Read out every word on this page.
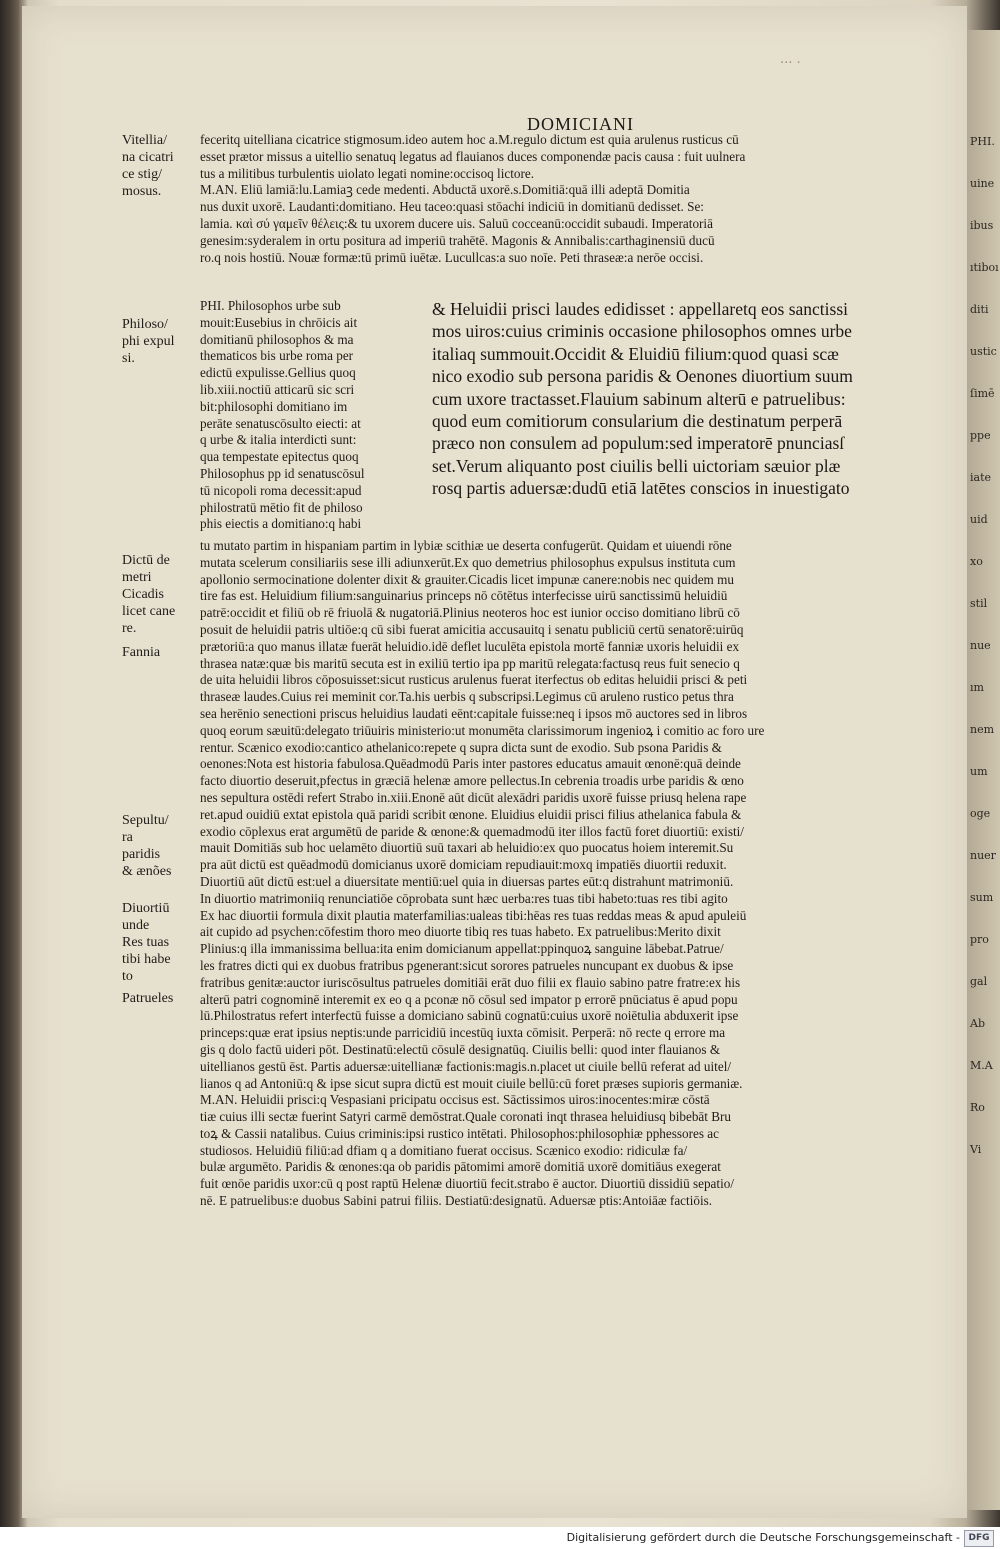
PHI.
uine
ibus
ıtiboı
diti
ustic
ſimē
ppe
iate
uid
xo
stil
nue
ım
nem
um
oge
nuer
sum
pro
gal
Ab
M.A
Ro
Vi
... .
DOMICIANI
feceritq uitelliana cicatrice stigmosum.ideo autem hoc a.M.regulo dictum est quia arulenus rusticus cū
esset prætor missus a uitellio senatuq legatus ad flauianos duces componendæ pacis causa : fuit uulnera
tus a militibus turbulentis uiolato legati nomine:occisoq lictore.
M.AN. Eliū lamiā:lu.Lamiaꝫ cede medenti. Abductā uxorē.s.Domitiā:quā illi adeptā Domitia
nus duxit uxorē. Laudanti:domitiano. Heu taceo:quasi stōachi indiciū in domitianū dedisset. Se:
lamia. καὶ σύ γαμεῖν θέλεις:& tu uxorem ducere uis. Saluū cocceanū:occidit subaudi. Imperatoriā
genesim:syderalem in ortu positura ad imperiū trahētē. Magonis & Annibalis:carthaginensiū ducū
ro.q nois hostiū. Nouæ formæ:tū primū iuētæ. Lucullcas:a suo noīe. Peti thraseæ:a nerōe occisi.
PHI. Philosophos urbe sub
mouit:Eusebius in chrōicis ait
domitianū philosophos & ma
thematicos bis urbe roma per
edictū expulisse.Gellius quoq
lib.xiii.noctiū atticarū sic scri
bit:philosophi domitiano im
perāte senatuscōsulto eiecti: at
q urbe & italia interdicti sunt:
qua tempestate epitectus quoq
Philosophus pp id senatuscōsul
tū nicopoli roma decessit:apud
philostratū mētio fit de philoso
phis eiectis a domitiano:q habi
& Heluidii prisci laudes edidisset : appellaretq eos sanctissi
mos uiros:cuius criminis occasione philosophos omnes urbe
italiaq summouit.Occidit & Eluidiū filium:quod quasi scæ
nico exodio sub persona paridis & Oenones diuortium suum
cum uxore tractasset.Flauium sabinum alterū e patruelibus:
quod eum comitiorum consularium die destinatum perperā
præco non consulem ad populum:sed imperatorē pnunciasſ
set.Verum aliquanto post ciuilis belli uictoriam sæuior plæ
rosq partis aduersæ:dudū etiā latētes conscios in inuestigato
tu mutato partim in hispaniam partim in lybiæ scithiæ ue deserta confugerūt. Quidam et uiuendi rōne
mutata scelerum consiliariis sese illi adiunxerūt.Ex quo demetrius philosophus expulsus instituta cum
apollonio sermocinatione dolenter dixit & grauiter.Cicadis licet impunæ canere:nobis nec quidem mu
tire fas est. Heluidium filium:sanguinarius princeps nō cōtētus interfecisse uirū sanctissimū heluidiū
patrē:occidit et filiū ob rē friuolā & nugatoriā.Plinius neoteros hoc est iunior occiso domitiano librū cō
posuit de heluidii patris ultiōe:q cū sibi fuerat amicitia accusauitq i senatu publiciū certū senatorē:uirūq
prætoriū:a quo manus illatæ fuerāt heluidio.idē deflet luculēta epistola mortē fanniæ uxoris heluidii ex
thrasea natæ:quæ bis maritū secuta est in exiliū tertio ipa pp maritū relegata:factusq reus fuit senecio q
de uita heluidii libros cōposuisset:sicut rusticus arulenus fuerat iterfectus ob editas heluidii prisci & peti
thraseæ laudes.Cuius rei meminit cor.Ta.his uerbis q subscripsi.Legimus cū aruleno rustico petus thra
sea herēnio senectioni priscus heluidius laudati eēnt:capitale fuisse:neq i ipsos mō auctores sed in libros
quoq eorum sæuitū:delegato triūuiris ministerio:ut monumēta clarissimorum ingenioꝝ i comitio ac foro ure
rentur. Scænico exodio:cantico athelanico:repete q supra dicta sunt de exodio. Sub psona Paridis &
oenones:Nota est historia fabulosa.Quēadmodū Paris inter pastores educatus amauit œnonē:quā deinde
facto diuortio deseruit,pfectus in græciā helenæ amore pellectus.In cebrenia troadis urbe paridis & œno
nes sepultura ostēdi refert Strabo in.xiii.Enonē aūt dicūt alexādri paridis uxorē fuisse priusq helena rape
ret.apud ouidiū extat epistola quā paridi scribit œnone. Eluidius eluidii prisci filius athelanica fabula &
exodio cōplexus erat argumētū de paride & œnone:& quemadmodū iter illos factū foret diuortiū: existi/
mauit Domitiās sub hoc uelamēto diuortiū suū taxari ab heluidio:ex quo puocatus hoiem interemit.Su
pra aūt dictū est quēadmodū domicianus uxorē domiciam repudiauit:moxq impatiēs diuortii reduxit.
Diuortiū aūt dictū est:uel a diuersitate mentiū:uel quia in diuersas partes eūt:q distrahunt matrimoniū.
In diuortio matrimoniiq renunciatiōe cōprobata sunt hæc uerba:res tuas tibi habeto:tuas res tibi agito
Ex hac diuortii formula dixit plautia materfamilias:ualeas tibi:hēas res tuas reddas meas & apud apuleiū
ait cupido ad psychen:cōfestim thoro meo diuorte tibiq res tuas habeto. Ex patruelibus:Merito dixit
Plinius:q illa immanissima bellua:ita enim domicianum appellat:ppinquoꝝ sanguine lābebat.Patrue/
les fratres dicti qui ex duobus fratribus pgenerant:sicut sorores patrueles nuncupant ex duobus & ipse
fratribus genitæ:auctor iuriscōsultus patrueles domitiāi erāt duo filii ex flauio sabino patre fratre:ex his
alterū patri cognominē interemit ex eo q a pconæ nō cōsul sed impator p errorē pnūciatus ē apud popu
lū.Philostratus refert interfectū fuisse a domiciano sabinū cognatū:cuius uxorē noiētulia abduxerit ipse
princeps:quæ erat ipsius neptis:unde parricidiū incestūq iuxta cōmisit. Perperā: nō recte q errore ma
gis q dolo factū uideri pōt. Destinatū:electū cōsulē designatūq. Ciuilis belli: quod inter flauianos &
uitellianos gestū ēst. Partis aduersæ:uitellianæ factionis:magis.n.placet ut ciuile bellū referat ad uitel/
lianos q ad Antoniū:q & ipse sicut supra dictū est mouit ciuile bellū:cū foret præses supioris germaniæ.
M.AN. Heluidii prisci:q Vespasiani pricipatu occisus est. Sāctissimos uiros:inocentes:miræ cōstā
tiæ cuius illi sectæ fuerint Satyri carmē demōstrat.Quale coronati inqt thrasea heluidiusq bibebāt Bru
toꝝ & Cassii natalibus. Cuius criminis:ipsi rustico intētati. Philosophos:philosophiæ pphessores ac
studiosos. Heluidiū filiū:ad dfiam q a domitiano fuerat occisus. Scænico exodio: ridiculæ fa/
bulæ argumēto. Paridis & œnones:qa ob paridis pātomimi amorē domitiā uxorē domitiāus exegerat
fuit œnōe paridis uxor:cū q post raptū Helenæ diuortiū fecit.strabo ē auctor. Diuortiū dissidiū sepatio/
nē. E patruelibus:e duobus Sabini patrui filiis. Destiatū:designatū. Aduersæ ptis:Antoiāæ factiōis.
Vitellia/
na cicatri
ce stig/
mosus.
Philoso/
phi expul
si.
Dictū de
metri
Cicadis
licet cane
re.
Fannia
Sepultu/
ra
paridis
& ænões
Diuortiū
unde
Res tuas
tibi habe
to
Patrueles
Digitalisierung gefördert durch die Deutsche Forschungsgemeinschaft - DFG
